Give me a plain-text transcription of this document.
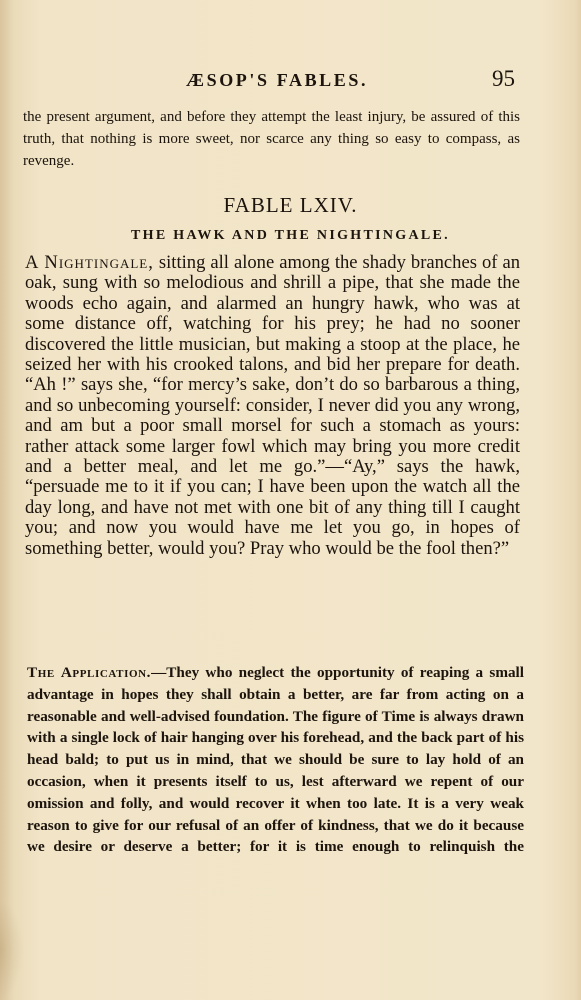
ÆSOP'S FABLES.	95

the present argument, and before they attempt the least injury, be assured of this truth, that nothing is more sweet, nor scarce any thing so easy to compass, as revenge.

FABLE LXIV.
THE HAWK AND THE NIGHTINGALE.

A Nightingale, sitting all alone among the shady branches of an oak, sung with so melodious and shrill a pipe, that she made the woods echo again, and alarmed an hungry hawk, who was at some distance off, watching for his prey; he had no sooner discovered the little musician, but making a stoop at the place, he seized her with his crooked talons, and bid her prepare for death. “Ah !” says she, “for mercy’s sake, don’t do so barbarous a thing, and so unbecoming yourself: consider, I never did you any wrong, and am but a poor small morsel for such a stomach as yours: rather attack some larger fowl which may bring you more credit and a better meal, and let me go.”—“Ay,” says the hawk, “persuade me to it if you can; I have been upon the watch all the day long, and have not met with one bit of any thing till I caught you; and now you would have me let you go, in hopes of something better, would you? Pray who would be the fool then?”

The Application.—They who neglect the opportunity of reaping a small advantage in hopes they shall obtain a better, are far from acting on a reasonable and well-advised foundation. The figure of Time is always drawn with a single lock of hair hanging over his forehead, and the back part of his head bald; to put us in mind, that we should be sure to lay hold of an occasion, when it presents itself to us, lest afterward we repent of our omission and folly, and would recover it when too late. It is a very weak reason to give for our refusal of an offer of kindness, that we do it because we desire or deserve a better; for it is time enough to relinquish the
